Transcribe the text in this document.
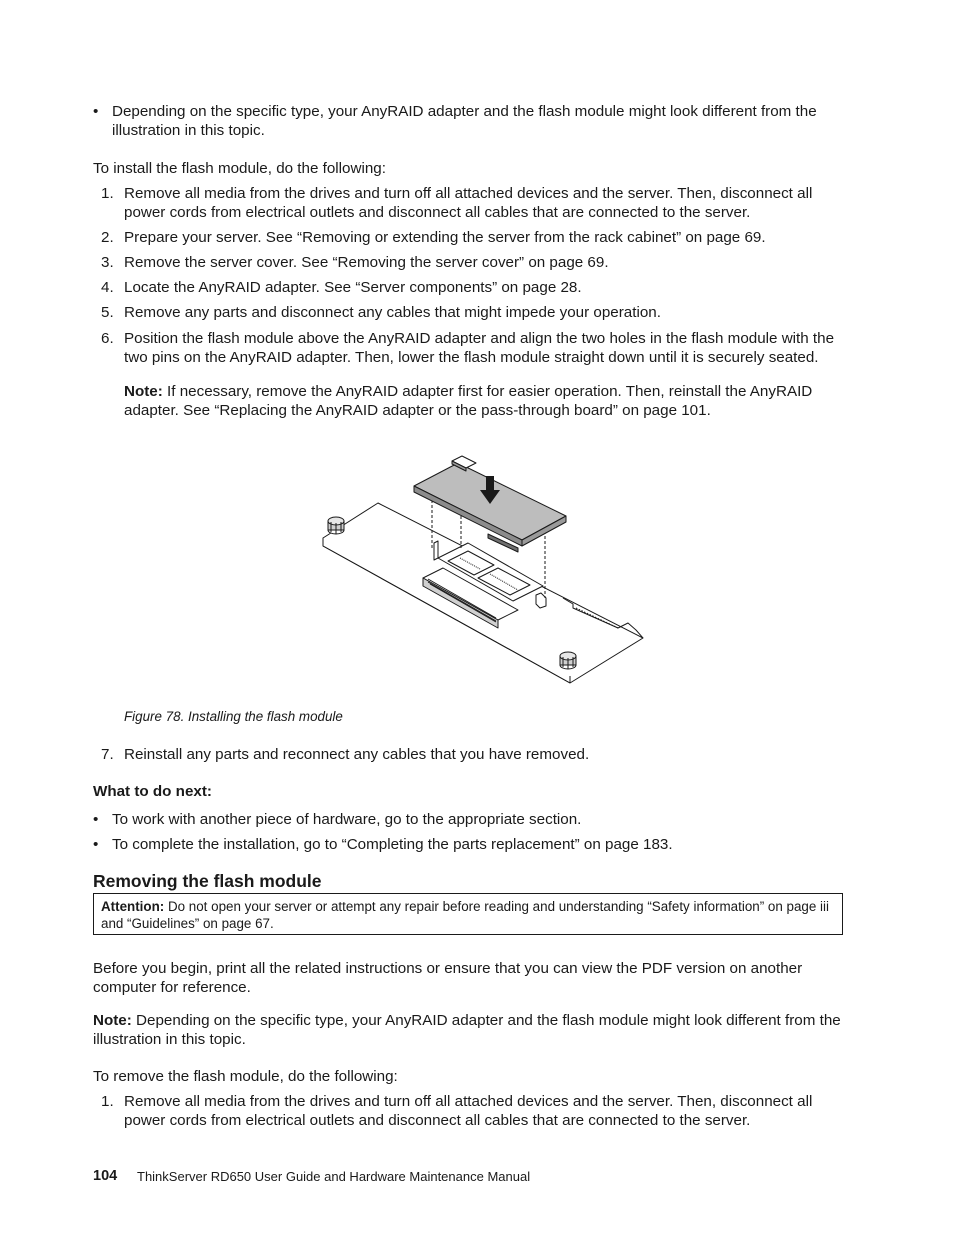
• Depending on the specific type, your AnyRAID adapter and the flash module might look different from the illustration in this topic.
To install the flash module, do the following:
1. Remove all media from the drives and turn off all attached devices and the server. Then, disconnect all power cords from electrical outlets and disconnect all cables that are connected to the server.
2. Prepare your server. See “Removing or extending the server from the rack cabinet” on page 69.
3. Remove the server cover. See “Removing the server cover” on page 69.
4. Locate the AnyRAID adapter. See “Server components” on page 28.
5. Remove any parts and disconnect any cables that might impede your operation.
6. Position the flash module above the AnyRAID adapter and align the two holes in the flash module with the two pins on the AnyRAID adapter. Then, lower the flash module straight down until it is securely seated.
Note: If necessary, remove the AnyRAID adapter first for easier operation. Then, reinstall the AnyRAID adapter. See “Replacing the AnyRAID adapter or the pass-through board” on page 101.
Figure 78. Installing the flash module
7. Reinstall any parts and reconnect any cables that you have removed.
What to do next:
• To work with another piece of hardware, go to the appropriate section.
• To complete the installation, go to “Completing the parts replacement” on page 183.
Removing the flash module
Attention: Do not open your server or attempt any repair before reading and understanding “Safety information” on page iii and “Guidelines” on page 67.
Before you begin, print all the related instructions or ensure that you can view the PDF version on another computer for reference.
Note: Depending on the specific type, your AnyRAID adapter and the flash module might look different from the illustration in this topic.
To remove the flash module, do the following:
1. Remove all media from the drives and turn off all attached devices and the server. Then, disconnect all power cords from electrical outlets and disconnect all cables that are connected to the server.
104 ThinkServer RD650 User Guide and Hardware Maintenance Manual
